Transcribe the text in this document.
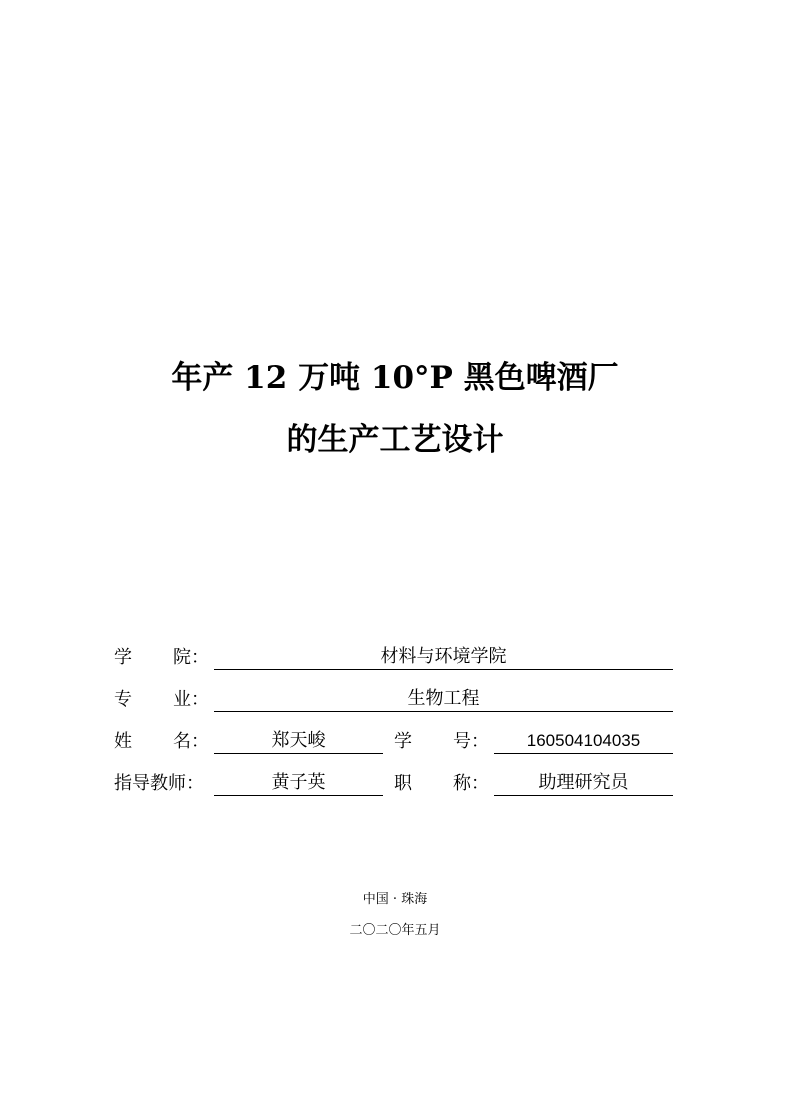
年产 12 万吨 10°P 黑色啤酒厂
的生产工艺设计
学 院：	材料与环境学院
专 业：	生物工程
姓 名：	郑天峻	学 号：	160504104035
指导教师：	黄子英	职 称：	助理研究员
中国 · 珠海
二〇二〇年五月
